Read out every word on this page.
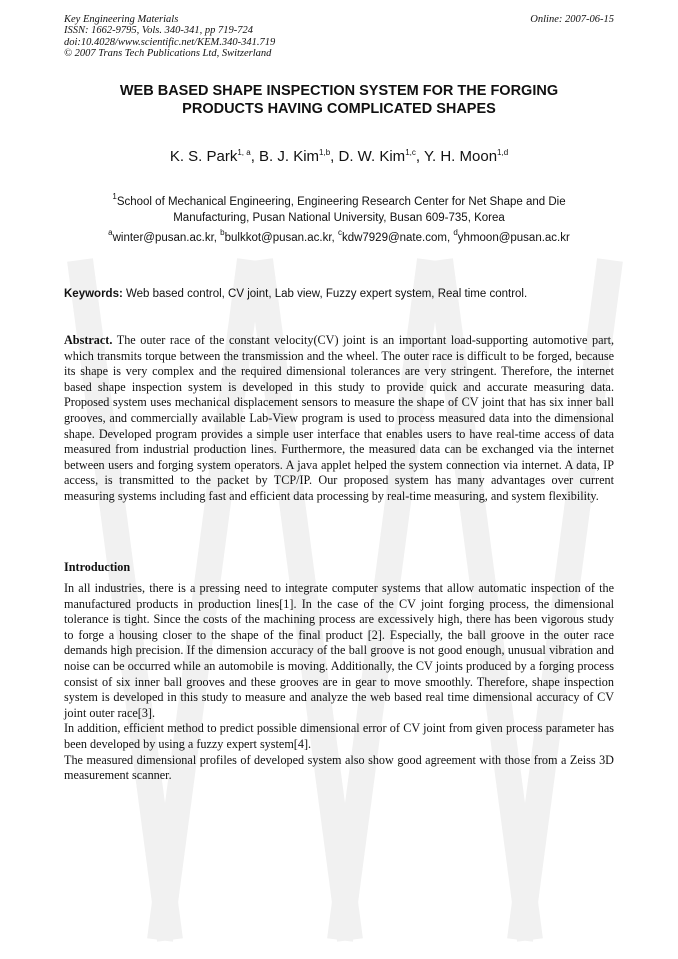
Key Engineering Materials
ISSN: 1662-9795, Vols. 340-341, pp 719-724
doi:10.4028/www.scientific.net/KEM.340-341.719
© 2007 Trans Tech Publications Ltd, Switzerland
Online: 2007-06-15
WEB BASED SHAPE INSPECTION SYSTEM FOR THE FORGING
PRODUCTS HAVING COMPLICATED SHAPES
K. S. Park$^{1, a}$, B. J. Kim$^{1,b}$, D. W. Kim$^{1,c}$, Y. H. Moon$^{1,d}$
$^1$School of Mechanical Engineering, Engineering Research Center for Net Shape and Die
Manufacturing, Pusan National University, Busan 609-735, Korea
$^a$winter@pusan.ac.kr, $^b$bulkkot@pusan.ac.kr, $^c$kdw7929@nate.com, $^d$yhmoon@pusan.ac.kr
Keywords: Web based control, CV joint, Lab view, Fuzzy expert system, Real time control.
Abstract. The outer race of the constant velocity(CV) joint is an important load-supporting automotive part, which transmits torque between the transmission and the wheel. The outer race is difficult to be forged, because its shape is very complex and the required dimensional tolerances are very stringent. Therefore, the internet based shape inspection system is developed in this study to provide quick and accurate measuring data. Proposed system uses mechanical displacement sensors to measure the shape of CV joint that has six inner ball grooves, and commercially available Lab-View program is used to process measured data into the dimensional shape. Developed program provides a simple user interface that enables users to have real-time access of data measured from industrial production lines. Furthermore, the measured data can be exchanged via the internet between users and forging system operators. A java applet helped the system connection via internet. A data, IP access, is transmitted to the packet by TCP/IP. Our proposed system has many advantages over current measuring systems including fast and efficient data processing by real-time measuring, and system flexibility.
Introduction

In all industries, there is a pressing need to integrate computer systems that allow automatic inspection of the manufactured products in production lines[1]. In the case of the CV joint forging process, the dimensional tolerance is tight. Since the costs of the machining process are excessively high, there has been vigorous study to forge a housing closer to the shape of the final product [2]. Especially, the ball groove in the outer race demands high precision. If the dimension accuracy of the ball groove is not good enough, unusual vibration and noise can be occurred while an automobile is moving. Additionally, the CV joints produced by a forging process consist of six inner ball grooves and these grooves are in gear to move smoothly. Therefore, shape inspection system is developed in this study to measure and analyze the web based real time dimensional accuracy of CV joint outer race[3].

In addition, efficient method to predict possible dimensional error of CV joint from given process parameter has been developed by using a fuzzy expert system[4].

The measured dimensional profiles of developed system also show good agreement with those from a Zeiss 3D measurement scanner.
